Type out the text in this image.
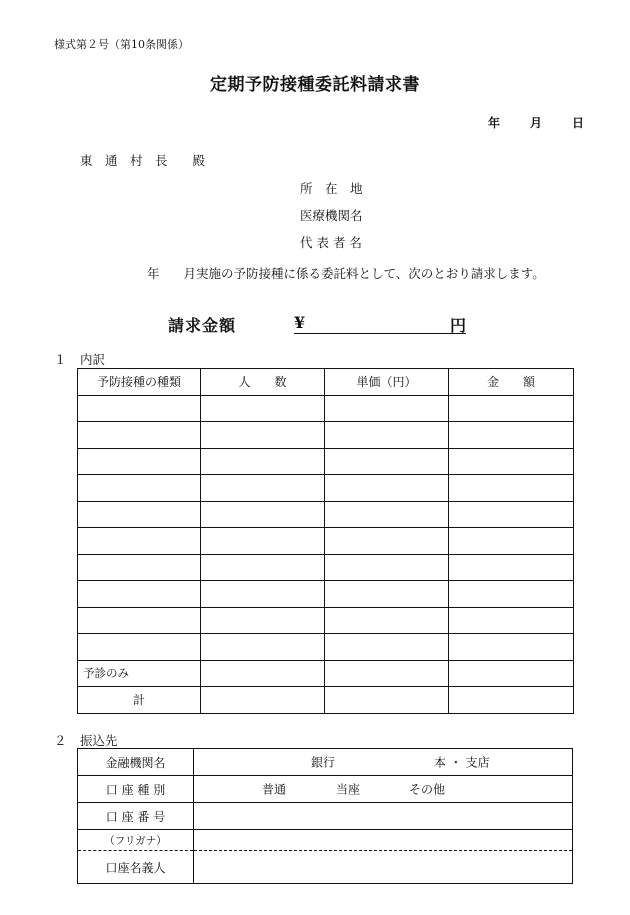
様式第２号（第10条関係）
定期予防接種委託料請求書
年	月	日
東　通　村　長　　殿
所　在　地
医療機関名
代 表 者 名
年 月実施の予防接種に係る委託料として、次のとおり請求します。
請求金額	¥	円
１ 内訳
予防接種の種類	人　　数	単価（円）	金　　額

予診のみ			
計			
２ 振込先
金融機関名	銀行 本 ・ 支店

口 座 種 別	普通 当座 その他

口 座 番 号	
（フリガナ）	
口座名義人	
